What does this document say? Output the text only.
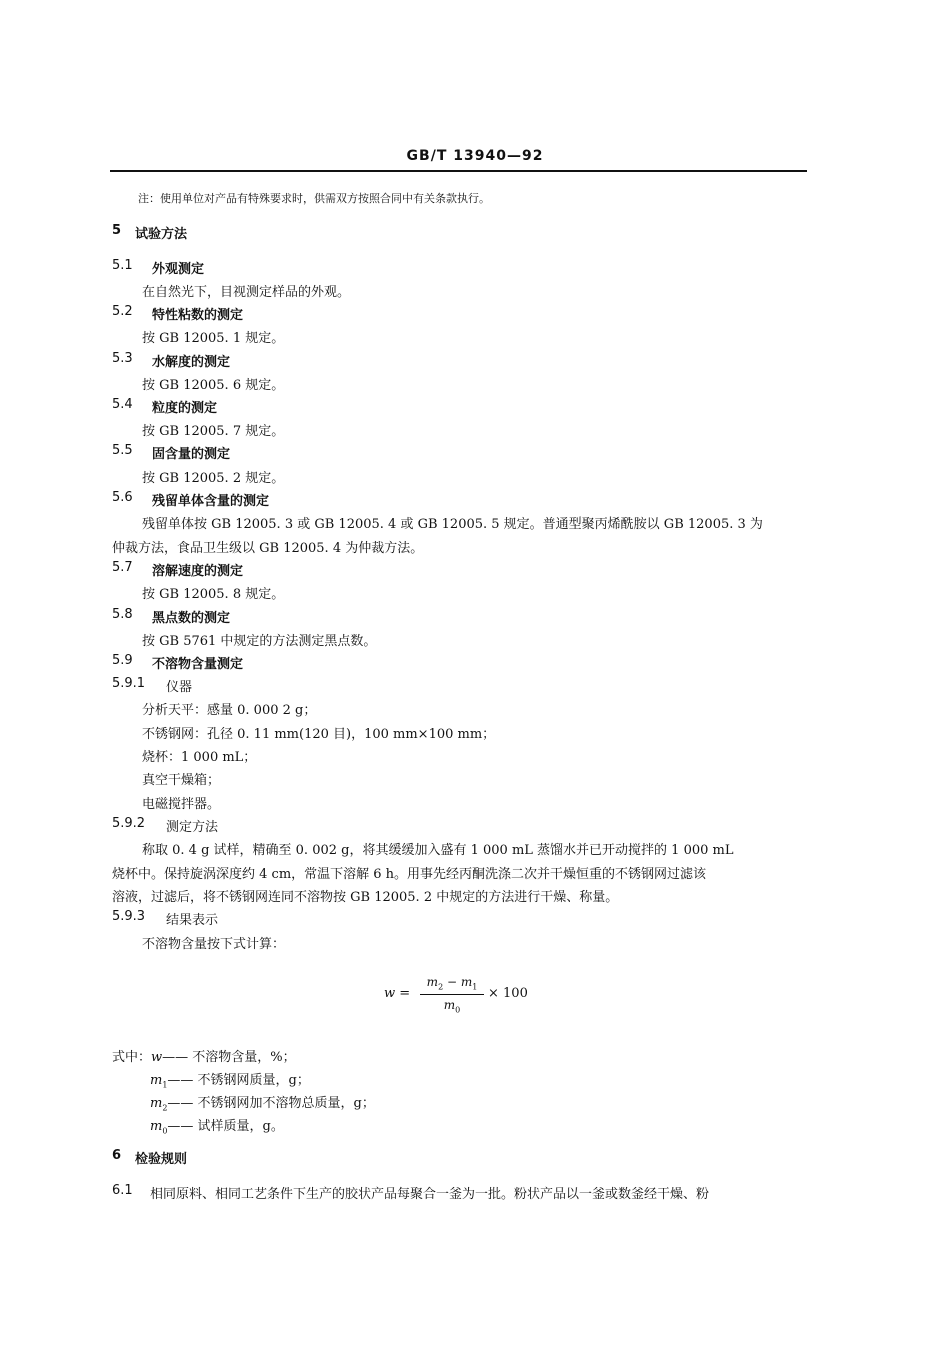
GB/T 13940—92
注：使用单位对产品有特殊要求时，供需双方按照合同中有关条款执行。
5 试验方法
5.1 外观测定
在自然光下，目视测定样品的外观。
5.2 特性粘数的测定
按 GB 12005. 1 规定。
5.3 水解度的测定
按 GB 12005. 6 规定。
5.4 粒度的测定
按 GB 12005. 7 规定。
5.5 固含量的测定
按 GB 12005. 2 规定。
5.6 残留单体含量的测定
残留单体按 GB 12005. 3 或 GB 12005. 4 或 GB 12005. 5 规定。普通型聚丙烯酰胺以 GB 12005. 3 为
仲裁方法，食品卫生级以 GB 12005. 4 为仲裁方法。
5.7 溶解速度的测定
按 GB 12005. 8 规定。
5.8 黑点数的测定
按 GB 5761 中规定的方法测定黑点数。
5.9 不溶物含量测定
5.9.1 仪器
分析天平：感量 0. 000 2 g；
不锈钢网：孔径 0. 11 mm(120 目)，100 mm×100 mm；
烧杯：1 000 mL；
真空干燥箱；
电磁搅拌器。
5.9.2 测定方法
称取 0. 4 g 试样，精确至 0. 002 g，将其缓缓加入盛有 1 000 mL 蒸馏水并已开动搅拌的 1 000 mL
烧杯中。保持旋涡深度约 4 cm，常温下溶解 6 h。用事先经丙酮洗涤二次并干燥恒重的不锈钢网过滤该
溶液，过滤后，将不锈钢网连同不溶物按 GB 12005. 2 中规定的方法进行干燥、称量。
5.9.3 结果表示
不溶物含量按下式计算：
w =
$m_2 - m_1$
$m_0$
× 100
式中：w—— 不溶物含量，%；
$m_1——$ 不锈钢网质量，g；
$m_2——$ 不锈钢网加不溶物总质量，g；
$m_0——$ 试样质量，g。
6 检验规则
6.1 相同原料、相同工艺条件下生产的胶状产品每聚合一釜为一批。粉状产品以一釜或数釜经干燥、粉
